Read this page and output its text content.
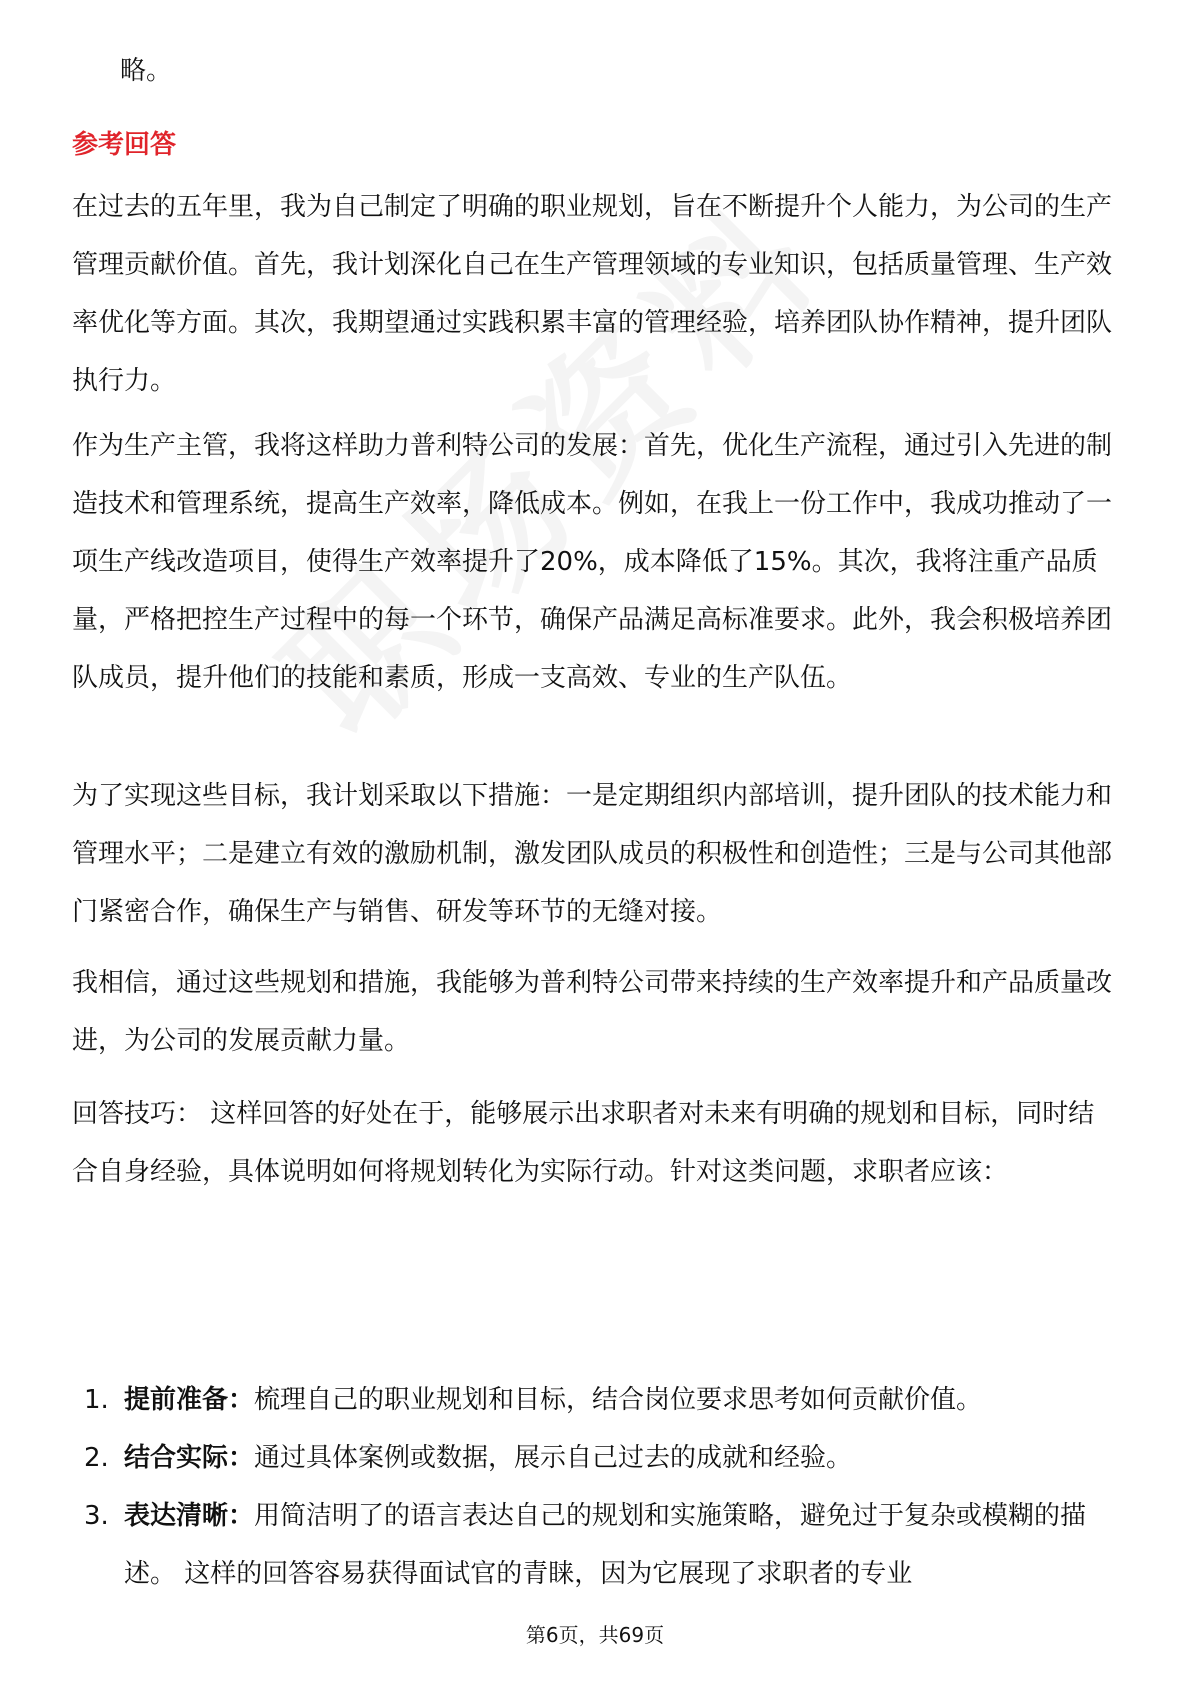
略。

参考回答

在过去的五年里，我为自己制定了明确的职业规划，旨在不断提升个人能力，为公司的生产管理贡献价值。首先，我计划深化自己在生产管理领域的专业知识，包括质量管理、生产效率优化等方面。其次，我期望通过实践积累丰富的管理经验，培养团队协作精神，提升团队执行力。

作为生产主管，我将这样助力普利特公司的发展：首先，优化生产流程，通过引入先进的制造技术和管理系统，提高生产效率，降低成本。例如，在我上一份工作中，我成功推动了一项生产线改造项目，使得生产效率提升了20%，成本降低了15%。其次，我将注重产品质量，严格把控生产过程中的每一个环节，确保产品满足高标准要求。此外，我会积极培养团队成员，提升他们的技能和素质，形成一支高效、专业的生产队伍。

为了实现这些目标，我计划采取以下措施：一是定期组织内部培训，提升团队的技术能力和管理水平；二是建立有效的激励机制，激发团队成员的积极性和创造性；三是与公司其他部门紧密合作，确保生产与销售、研发等环节的无缝对接。

我相信，通过这些规划和措施，我能够为普利特公司带来持续的生产效率提升和产品质量改进，为公司的发展贡献力量。

回答技巧： 这样回答的好处在于，能够展示出求职者对未来有明确的规划和目标，同时结合自身经验，具体说明如何将规划转化为实际行动。针对这类问题，求职者应该：

1. 提前准备：梳理自己的职业规划和目标，结合岗位要求思考如何贡献价值。
2. 结合实际：通过具体案例或数据，展示自己过去的成就和经验。
3. 表达清晰：用简洁明了的语言表达自己的规划和实施策略，避免过于复杂或模糊的描述。 这样的回答容易获得面试官的青睐，因为它展现了求职者的专业

第6页，共69页
